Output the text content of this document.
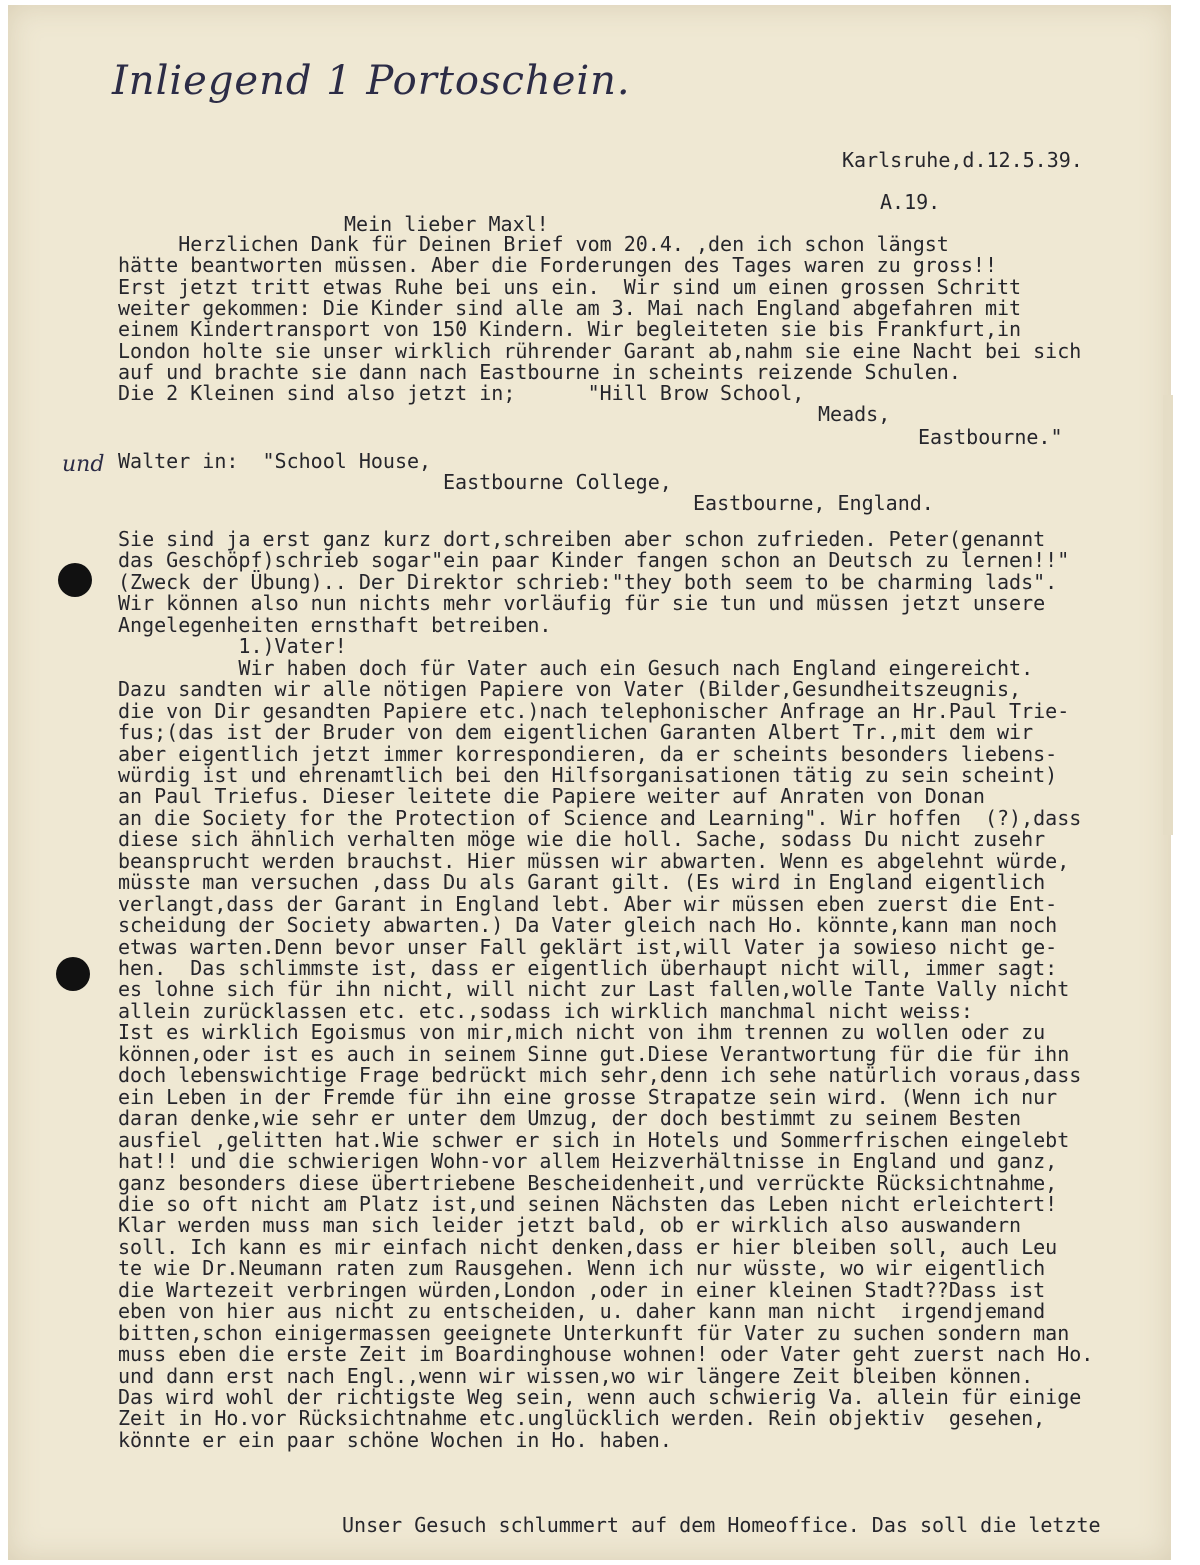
Inliegend 1 Portoschein.
und
Karlsruhe,d.12.5.39.
A.19.
Mein lieber Maxl!
Herzlichen Dank für Deinen Brief vom 20.4. ,den ich schon längst
hätte beantworten müssen. Aber die Forderungen des Tages waren zu gross!!
Erst jetzt tritt etwas Ruhe bei uns ein.  Wir sind um einen grossen Schritt
weiter gekommen: Die Kinder sind alle am 3. Mai nach England abgefahren mit
einem Kindertransport von 150 Kindern. Wir begleiteten sie bis Frankfurt,in
London holte sie unser wirklich rührender Garant ab,nahm sie eine Nacht bei sich
auf und brachte sie dann nach Eastbourne in scheints reizende Schulen.
Die 2 Kleinen sind also jetzt in;      "Hill Brow School,
Meads,
Eastbourne."
Walter in:  "School House,
Eastbourne College,
Eastbourne, England.
Sie sind ja erst ganz kurz dort,schreiben aber schon zufrieden. Peter(genannt
das Geschöpf)schrieb sogar"ein paar Kinder fangen schon an Deutsch zu lernen!!"
(Zweck der Übung).. Der Direktor schrieb:"they both seem to be charming lads".
Wir können also nun nichts mehr vorläufig für sie tun und müssen jetzt unsere
Angelegenheiten ernsthaft betreiben.
1.)Vater!
Wir haben doch für Vater auch ein Gesuch nach England eingereicht.
Dazu sandten wir alle nötigen Papiere von Vater (Bilder,Gesundheitszeugnis,
die von Dir gesandten Papiere etc.)nach telephonischer Anfrage an Hr.Paul Trie-
fus;(das ist der Bruder von dem eigentlichen Garanten Albert Tr.,mit dem wir
aber eigentlich jetzt immer korrespondieren, da er scheints besonders liebens-
würdig ist und ehrenamtlich bei den Hilfsorganisationen tätig zu sein scheint)
an Paul Triefus. Dieser leitete die Papiere weiter auf Anraten von Donan
an die Society for the Protection of Science and Learning". Wir hoffen  (?),dass
diese sich ähnlich verhalten möge wie die holl. Sache, sodass Du nicht zusehr
beansprucht werden brauchst. Hier müssen wir abwarten. Wenn es abgelehnt würde,
müsste man versuchen ,dass Du als Garant gilt. (Es wird in England eigentlich
verlangt,dass der Garant in England lebt. Aber wir müssen eben zuerst die Ent-
scheidung der Society abwarten.) Da Vater gleich nach Ho. könnte,kann man noch
etwas warten.Denn bevor unser Fall geklärt ist,will Vater ja sowieso nicht ge-
hen.  Das schlimmste ist, dass er eigentlich überhaupt nicht will, immer sagt:
es lohne sich für ihn nicht, will nicht zur Last fallen,wolle Tante Vally nicht
allein zurücklassen etc. etc.,sodass ich wirklich manchmal nicht weiss:
Ist es wirklich Egoismus von mir,mich nicht von ihm trennen zu wollen oder zu
können,oder ist es auch in seinem Sinne gut.Diese Verantwortung für die für ihn
doch lebenswichtige Frage bedrückt mich sehr,denn ich sehe natürlich voraus,dass
ein Leben in der Fremde für ihn eine grosse Strapatze sein wird. (Wenn ich nur
daran denke,wie sehr er unter dem Umzug, der doch bestimmt zu seinem Besten
ausfiel ,gelitten hat.Wie schwer er sich in Hotels und Sommerfrischen eingelebt
hat!! und die schwierigen Wohn-vor allem Heizverhältnisse in England und ganz,
ganz besonders diese übertriebene Bescheidenheit,und verrückte Rücksichtnahme,
die so oft nicht am Platz ist,und seinen Nächsten das Leben nicht erleichtert!
Klar werden muss man sich leider jetzt bald, ob er wirklich also auswandern
soll. Ich kann es mir einfach nicht denken,dass er hier bleiben soll, auch Leu
te wie Dr.Neumann raten zum Rausgehen. Wenn ich nur wüsste, wo wir eigentlich
die Wartezeit verbringen würden,London ,oder in einer kleinen Stadt??Dass ist
eben von hier aus nicht zu entscheiden, u. daher kann man nicht  irgendjemand
bitten,schon einigermassen geeignete Unterkunft für Vater zu suchen sondern man
muss eben die erste Zeit im Boardinghouse wohnen! oder Vater geht zuerst nach Ho.
und dann erst nach Engl.,wenn wir wissen,wo wir längere Zeit bleiben können.
Das wird wohl der richtigste Weg sein, wenn auch schwierig Va. allein für einige
Zeit in Ho.vor Rücksichtnahme etc.unglücklich werden. Rein objektiv  gesehen,
könnte er ein paar schöne Wochen in Ho. haben.
Unser Gesuch schlummert auf dem Homeoffice. Das soll die letzte
